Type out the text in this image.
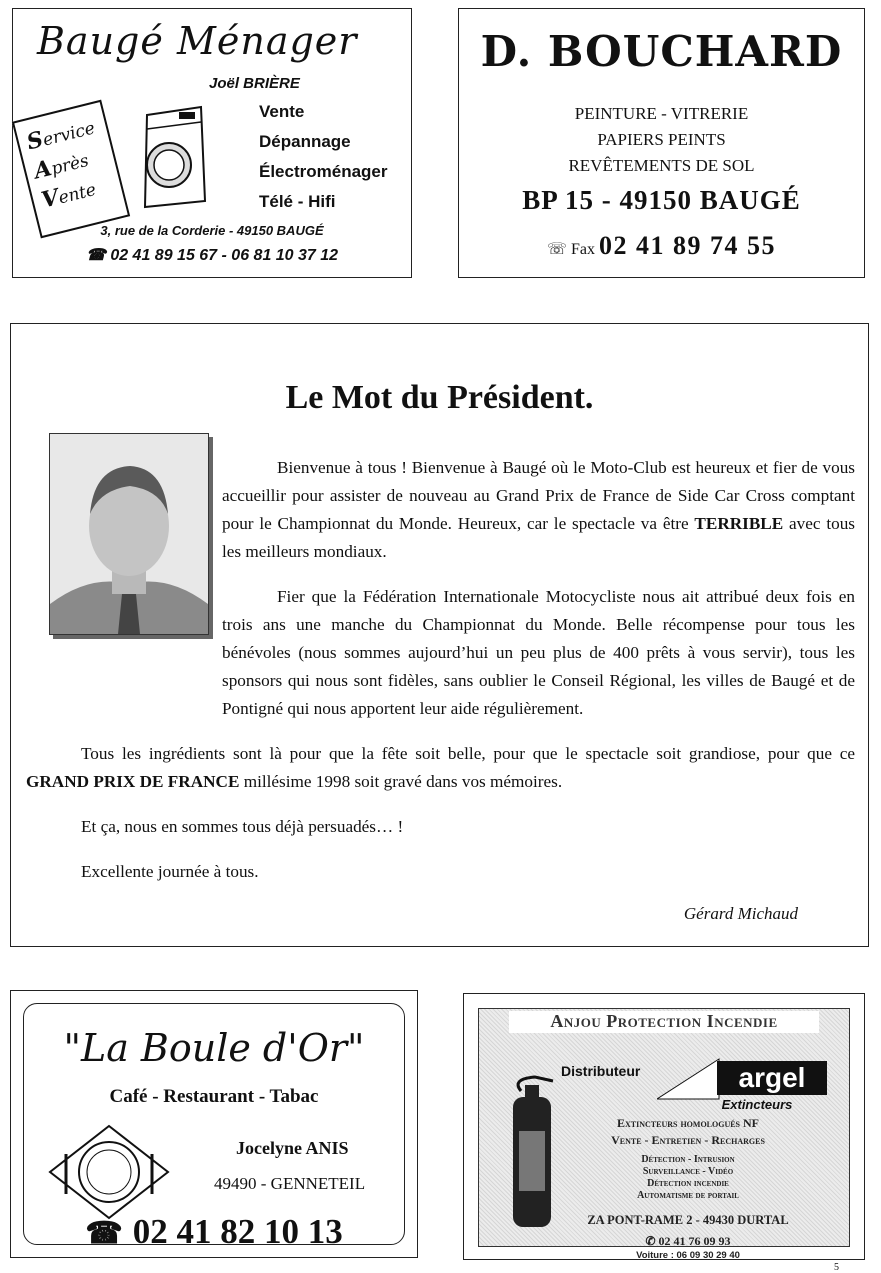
Baugé Ménager
Joël BRIÈRE
Service
Après
Vente
Vente
Dépannage
Électroménager
Télé - Hifi
3, rue de la Corderie - 49150 BAUGÉ
☎ 02 41 89 15 67 - 06 81 10 37 12
D. BOUCHARD
PEINTURE - VITRERIE
PAPIERS PEINTS
REVÊTEMENTS DE SOL
BP 15 - 49150 BAUGÉ
☏ Fax 02 41 89 74 55
Le Mot du Président.

Bienvenue à tous ! Bienvenue à Baugé où le Moto-Club est heureux et fier de vous accueillir pour assister de nouveau au Grand Prix de France de Side Car Cross comptant pour le Championnat du Monde. Heureux, car le spectacle va être TERRIBLE avec tous les meilleurs mondiaux.

Fier que la Fédération Internationale Motocycliste nous ait attribué deux fois en trois ans une manche du Championnat du Monde. Belle récompense pour tous les bénévoles (nous sommes aujourd’hui un peu plus de 400 prêts à vous servir), tous les sponsors qui nous sont fidèles, sans oublier le Conseil Régional, les villes de Baugé et de Pontigné qui nous apportent leur aide régulièrement.

Tous les ingrédients sont là pour que la fête soit belle, pour que le spectacle soit grandiose, pour que ce GRAND PRIX DE FRANCE millésime 1998 soit gravé dans vos mémoires.

Et ça, nous en sommes tous déjà persuadés… !

Excellente journée à tous.

Gérard Michaud
"La Boule d'Or"
Café - Restaurant - Tabac
Jocelyne ANIS
49490 - GENNETEIL
☎ 02 41 82 10 13
Anjou Protection Incendie
Distributeur	argel
Extincteurs
Extincteurs homologués NF
Vente - Entretien - Recharges
Détection - Intrusion
Surveillance - Vidéo
Détection incendie
Automatisme de portail
ZA PONT-RAME 2 - 49430 DURTAL
✆ 02 41 76 09 93
Voiture : 06 09 30 29 40
5
